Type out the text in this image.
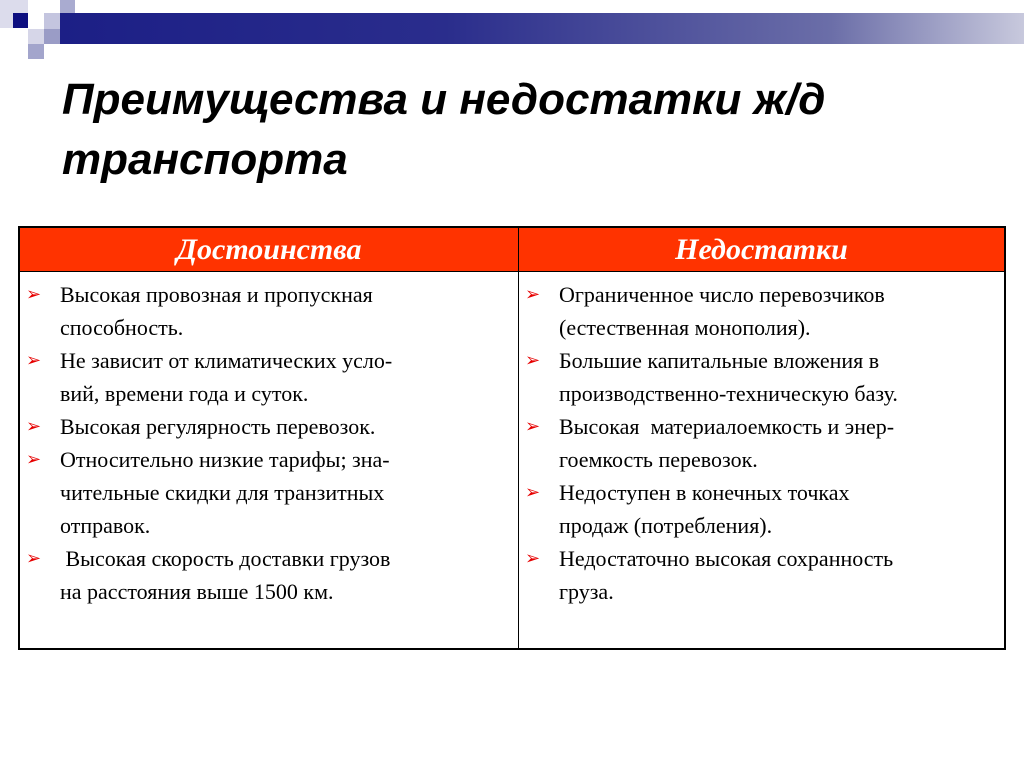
Преимущества и недостатки ж/д
транспорта
Достоинства
➢ Высокая провозная и пропускная
способность.
➢ Не зависит от климатических усло-
вий, времени года и суток.
➢ Высокая регулярность перевозок.
➢ Относительно низкие тарифы; зна-
чительные скидки для транзитных
отправок.
➢ Высокая скорость доставки грузов
на расстояния выше 1500 км.
Недостатки
➢ Ограниченное число перевозчиков
(естественная монополия).
➢ Большие капитальные вложения в
производственно-техническую базу.
➢ Высокая  материалоемкость и энер-
гоемкость перевозок.
➢ Недоступен в конечных точках
продаж (потребления).
➢ Недостаточно высокая сохранность
груза.
